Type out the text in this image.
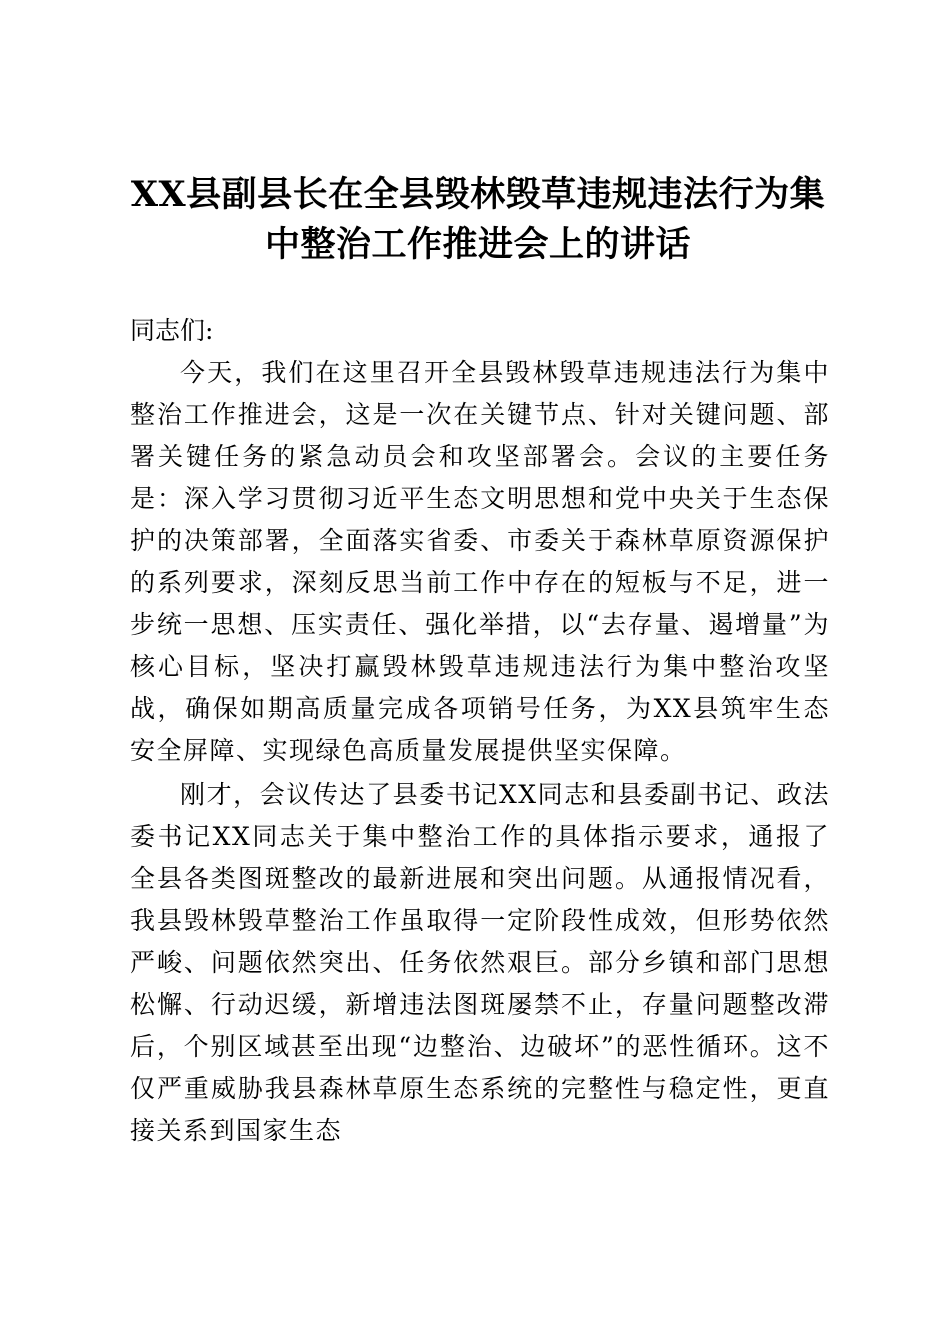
XX县副县长在全县毁林毁草违规违法行为集中整治工作推进会上的讲话

同志们:

今天，我们在这里召开全县毁林毁草违规违法行为集中整治工作推进会，这是一次在关键节点、针对关键问题、部署关键任务的紧急动员会和攻坚部署会。会议的主要任务是：深入学习贯彻习近平生态文明思想和党中央关于生态保护的决策部署，全面落实省委、市委关于森林草原资源保护的系列要求，深刻反思当前工作中存在的短板与不足，进一步统一思想、压实责任、强化举措，以“去存量、遏增量”为核心目标，坚决打赢毁林毁草违规违法行为集中整治攻坚战，确保如期高质量完成各项销号任务，为XX县筑牢生态安全屏障、实现绿色高质量发展提供坚实保障。

刚才，会议传达了县委书记XX同志和县委副书记、政法委书记XX同志关于集中整治工作的具体指示要求，通报了全县各类图斑整改的最新进展和突出问题。从通报情况看，我县毁林毁草整治工作虽取得一定阶段性成效，但形势依然严峻、问题依然突出、任务依然艰巨。部分乡镇和部门思想松懈、行动迟缓，新增违法图斑屡禁不止，存量问题整改滞后，个别区域甚至出现“边整治、边破坏”的恶性循环。这不仅严重威胁我县森林草原生态系统的完整性与稳定性，更直接关系到国家生态
